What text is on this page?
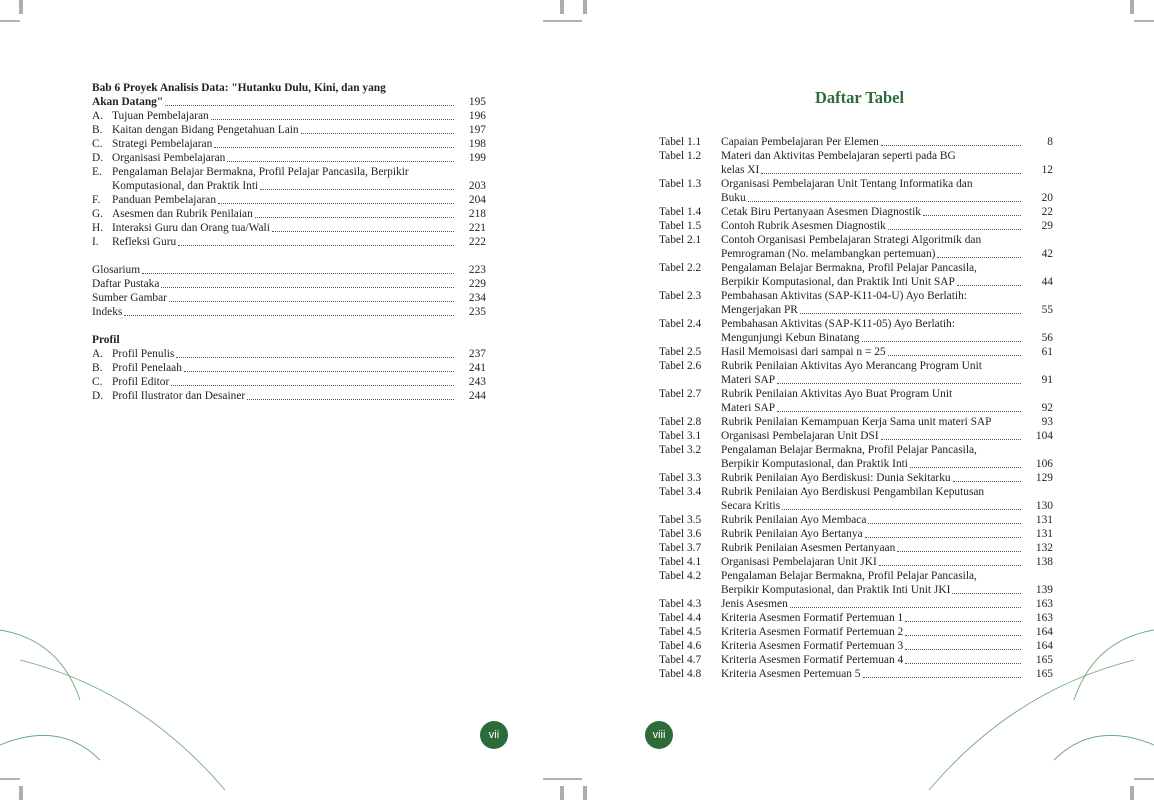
Bab 6 Proyek Analisis Data: "Hutanku Dulu, Kini, dan yang
Akan Datang"	195
A. Tujuan Pembelajaran	196
B. Kaitan dengan Bidang Pengetahuan Lain	197
C. Strategi Pembelajaran	198
D. Organisasi Pembelajaran	199
E. Pengalaman Belajar Bermakna, Profil Pelajar Pancasila, Berpikir
Komputasional, dan Praktik Inti	203
F.	Panduan Pembelajaran	204
G. Asesmen dan Rubrik Penilaian	218
H. Interaksi Guru dan Orang tua/Wali	221
I.	Refleksi Guru	222
Glosarium	223
Daftar Pustaka	229
Sumber Gambar	234
Indeks	235
Profil
A. Profil Penulis	237
B. Profil Penelaah	241
C. Profil Editor	243
D. Profil Ilustrator dan Desainer	244
Daftar Tabel
Tabel 1.1	Capaian Pembelajaran Per Elemen	8
Tabel 1.2	Materi dan Aktivitas Pembelajaran seperti pada BG
kelas XI	12
Tabel 1.3	Organisasi Pembelajaran Unit Tentang Informatika dan
Buku	20
Tabel 1.4	Cetak Biru Pertanyaan Asesmen Diagnostik	22
Tabel 1.5	Contoh Rubrik Asesmen Diagnostik	29
Tabel 2.1	Contoh Organisasi Pembelajaran Strategi Algoritmik dan
Pemrograman (No. melambangkan pertemuan)	42
Tabel 2.2	Pengalaman Belajar Bermakna, Profil Pelajar Pancasila,
Berpikir Komputasional, dan Praktik Inti Unit SAP	44
Tabel 2.3	Pembahasan Aktivitas (SAP-K11-04-U) Ayo Berlatih:
Mengerjakan PR	55
Tabel 2.4	Pembahasan Aktivitas (SAP-K11-05) Ayo Berlatih:
Mengunjungi Kebun Binatang	56
Tabel 2.5	Hasil Memoisasi dari sampai n = 25	61
Tabel 2.6	Rubrik Penilaian Aktivitas Ayo Merancang Program Unit
Materi SAP	91
Tabel 2.7	Rubrik Penilaian Aktivitas Ayo Buat Program Unit
Materi SAP	92
Tabel 2.8	Rubrik Penilaian Kemampuan Kerja Sama unit materi SAP	93
Tabel 3.1	Organisasi Pembelajaran Unit DSI	104
Tabel 3.2	Pengalaman Belajar Bermakna, Profil Pelajar Pancasila,
Berpikir Komputasional, dan Praktik Inti	106
Tabel 3.3	Rubrik Penilaian Ayo Berdiskusi: Dunia Sekitarku	129
Tabel 3.4	Rubrik Penilaian Ayo Berdiskusi Pengambilan Keputusan
Secara Kritis	130
Tabel 3.5	Rubrik Penilaian Ayo Membaca	131
Tabel 3.6	Rubrik Penilaian Ayo Bertanya	131
Tabel 3.7	Rubrik Penilaian Asesmen Pertanyaan	132
Tabel 4.1	Organisasi Pembelajaran Unit JKI	138
Tabel 4.2	Pengalaman Belajar Bermakna, Profil Pelajar Pancasila,
Berpikir Komputasional, dan Praktik Inti Unit JKI	139
Tabel 4.3	Jenis Asesmen	163
Tabel 4.4	Kriteria Asesmen Formatif Pertemuan 1	163
Tabel 4.5	Kriteria Asesmen Formatif Pertemuan 2	164
Tabel 4.6	Kriteria Asesmen Formatif Pertemuan 3	164
Tabel 4.7	Kriteria Asesmen Formatif Pertemuan 4	165
Tabel 4.8	Kriteria Asesmen Pertemuan 5	165
vii	viii
